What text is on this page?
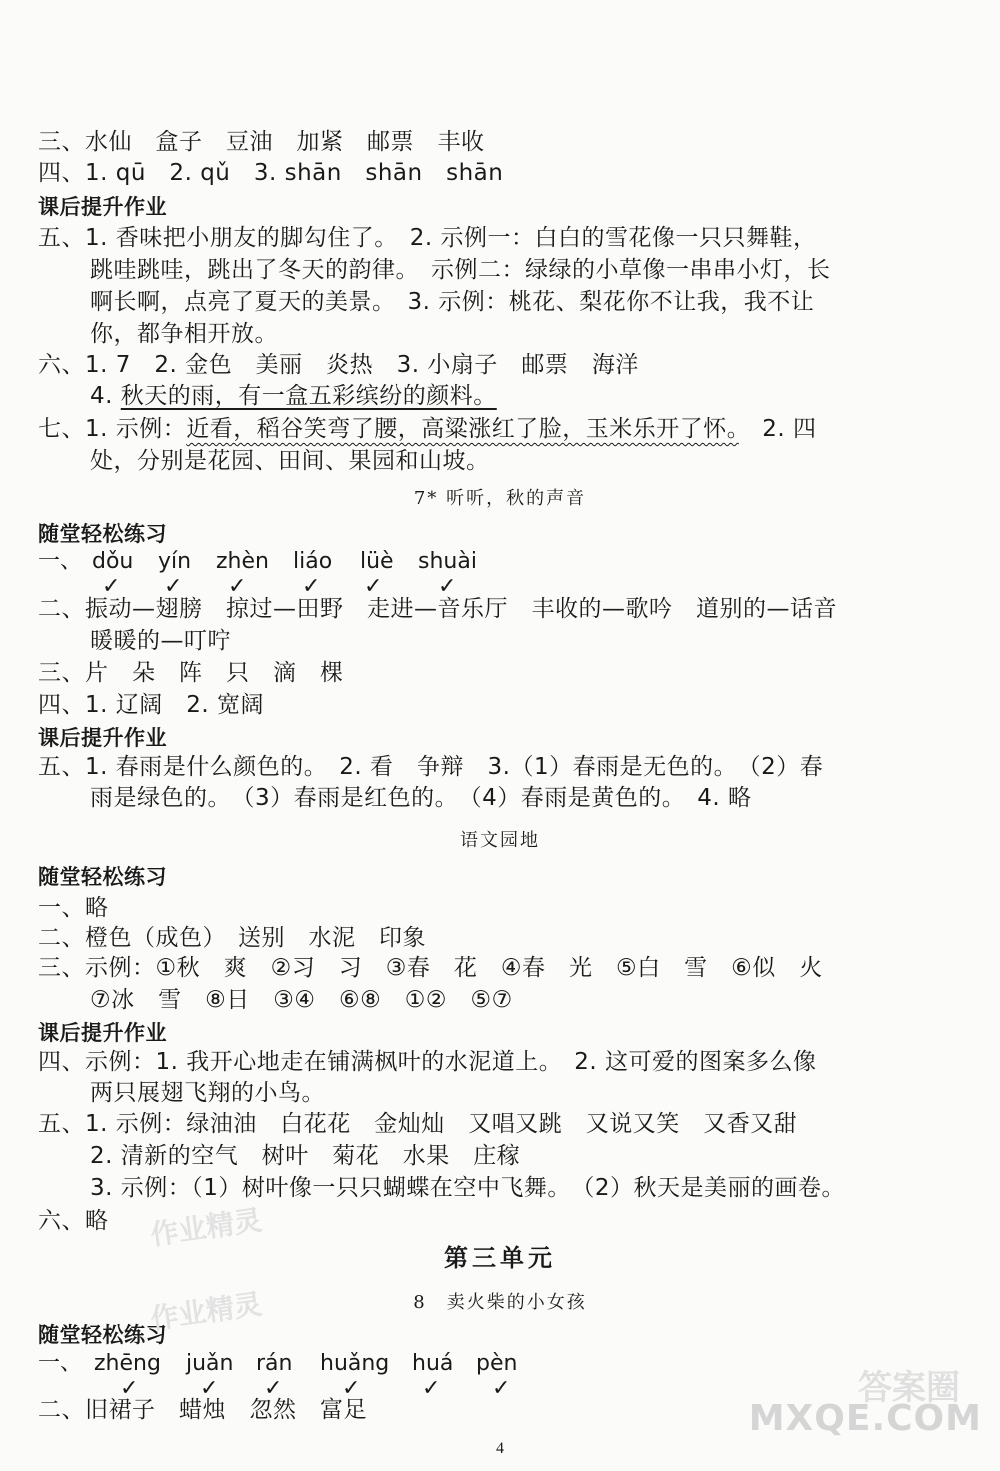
三、水仙　盒子　豆油　加紧　邮票　丰收
四、1. qū　2. qǔ　3. shān　shān　shān
课后提升作业
五、1. 香味把小朋友的脚勾住了。　2. 示例一：白白的雪花像一只只舞鞋，
跳哇跳哇，跳出了冬天的韵律。　示例二：绿绿的小草像一串串小灯，长
啊长啊，点亮了夏天的美景。　3. 示例：桃花、梨花你不让我，我不让
你，都争相开放。
六、1. 7　2. 金色　美丽　炎热　3. 小扇子　邮票　海洋
4. 秋天的雨，有一盒五彩缤纷的颜料。
七、1. 示例：近看，稻谷笑弯了腰，高粱涨红了脸，玉米乐开了怀。　2. 四
处，分别是花园、田间、果园和山坡。
7* 听听，秋的声音
随堂轻松练习
一、 dǒu yín zhèn liáo lüè shuài
✓ ✓ ✓	✓ ✓	✓
二、振动—翅膀　掠过—田野　走进—音乐厅　丰收的—歌吟　道别的—话音
暖暖的—叮咛
三、片　朵　阵　只　滴　棵
四、1. 辽阔　2. 宽阔
课后提升作业
五、1. 春雨是什么颜色的。　2. 看　争辩　3.（1）春雨是无色的。　（2）春
雨是绿色的。　（3）春雨是红色的。　（4）春雨是黄色的。　4. 略
语文园地
随堂轻松练习
一、略
二、橙色（成色）　送别　水泥　印象
三、示例：①秋　爽　②习　习　③春　花　④春　光　⑤白　雪　⑥似　火
⑦冰　雪　⑧日　③④　⑥⑧　①②　⑤⑦
课后提升作业
四、示例：1. 我开心地走在铺满枫叶的水泥道上。　2. 这可爱的图案多么像
两只展翅飞翔的小鸟。
五、1. 示例：绿油油　白花花　金灿灿　又唱又跳　又说又笑　又香又甜
2. 清新的空气　树叶　菊花　水果　庄稼
3. 示例：（1）树叶像一只只蝴蝶在空中飞舞。　（2）秋天是美丽的画卷。
六、略
第三单元
8　卖火柴的小女孩
随堂轻松练习
一、 zhēng juǎn rán huǎng huá pèn
✓	✓ ✓	✓	✓ ✓
二、旧裙子　蜡烛　忽然　富足
4
作业精灵
作业精灵
答案圈
MXQE.COM
